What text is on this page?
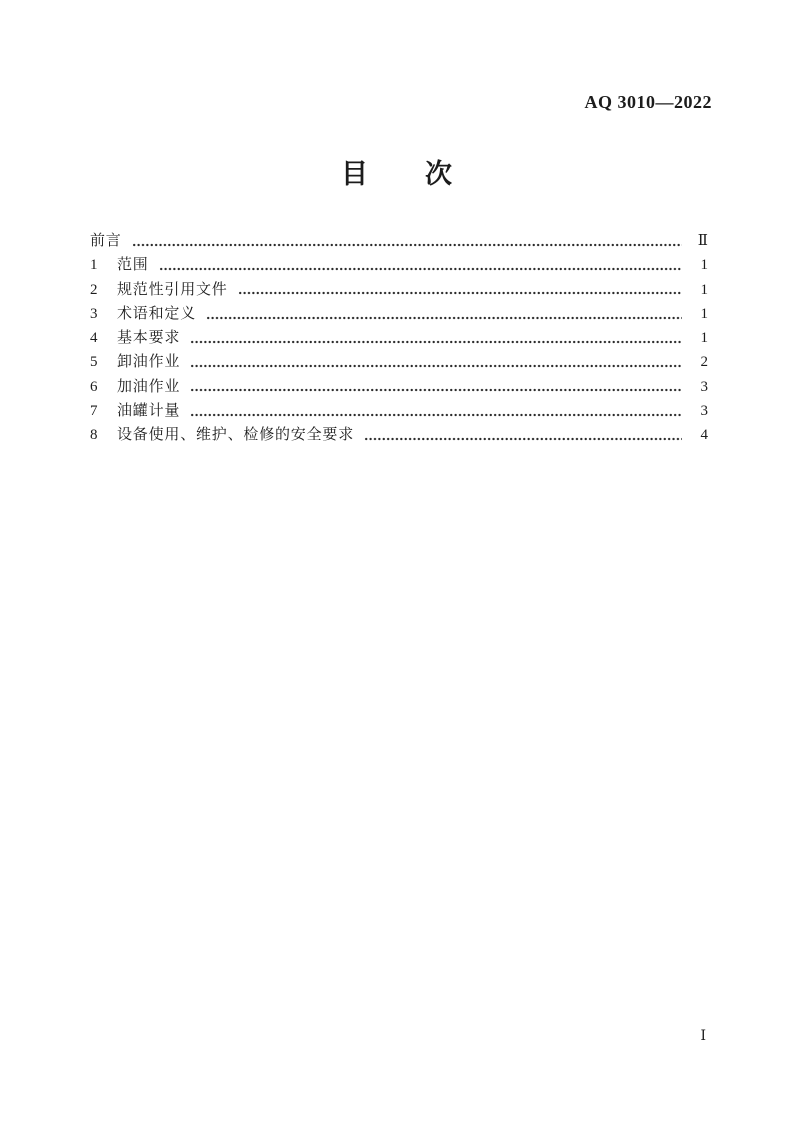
AQ 3010—2022
目　　次
前言	Ⅱ
1	范围	1
2	规范性引用文件	1
3	术语和定义	1
4	基本要求	1
5	卸油作业	2
6	加油作业	3
7	油罐计量	3
8	设备使用、维护、检修的安全要求	4
Ⅰ
